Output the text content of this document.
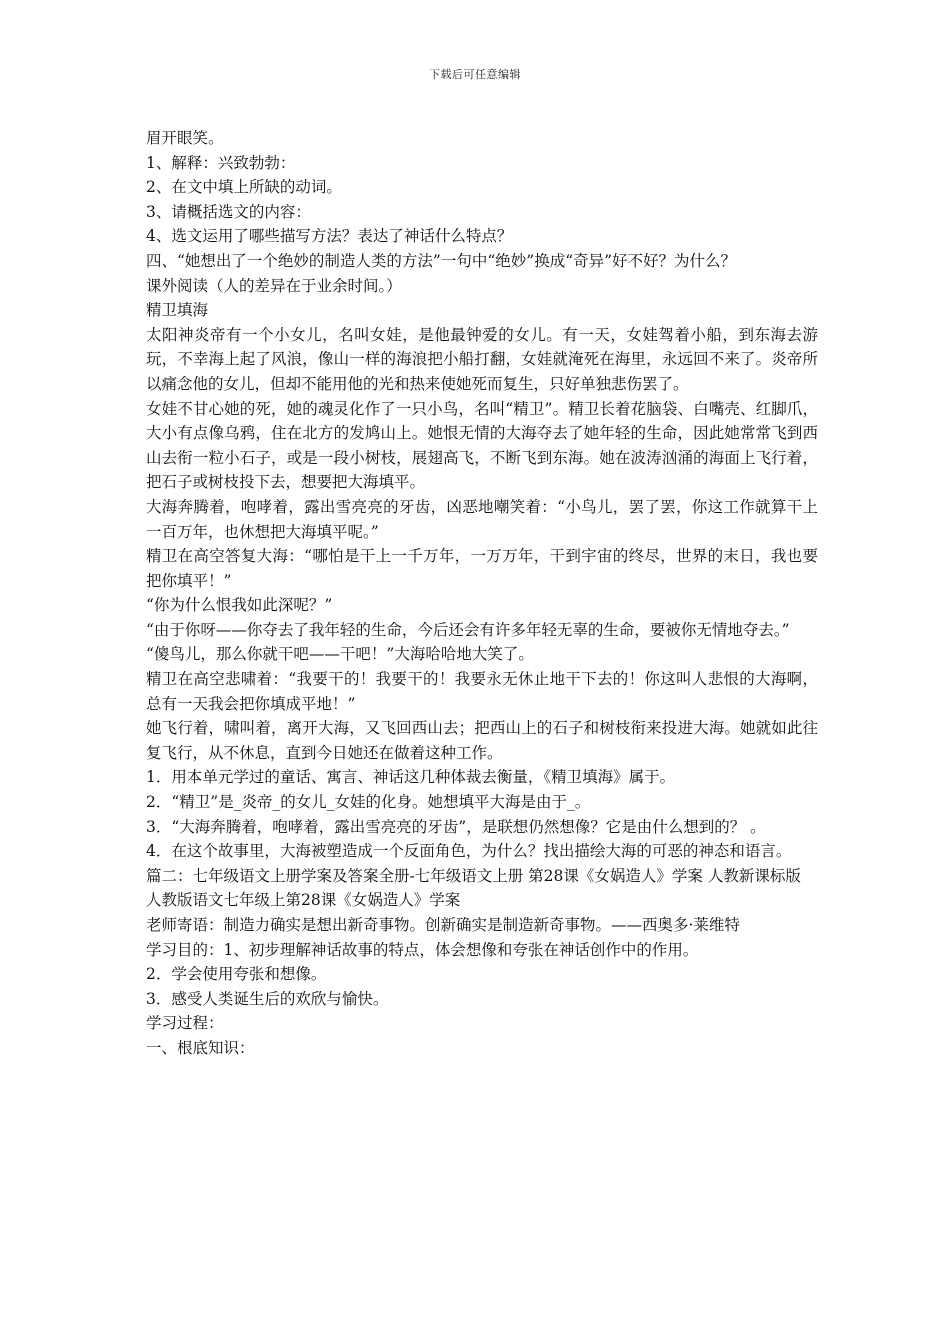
下载后可任意编辑

眉开眼笑。

1、解释：兴致勃勃：

2、在文中填上所缺的动词。

3、请概括选文的内容：

4、选文运用了哪些描写方法？表达了神话什么特点？

四、“她想出了一个绝妙的制造人类的方法”一句中“绝妙”换成“奇异”好不好？为什么？

课外阅读（人的差异在于业余时间。）

精卫填海

太阳神炎帝有一个小女儿，名叫女娃，是他最钟爱的女儿。有一天，女娃驾着小船，到东海去游玩，不幸海上起了风浪，像山一样的海浪把小船打翻，女娃就淹死在海里，永远回不来了。炎帝所以痛念他的女儿，但却不能用他的光和热来使她死而复生，只好单独悲伤罢了。

女娃不甘心她的死，她的魂灵化作了一只小鸟，名叫“精卫”。精卫长着花脑袋、白嘴壳、红脚爪，大小有点像乌鸦，住在北方的发鸠山上。她恨无情的大海夺去了她年轻的生命，因此她常常飞到西山去衔一粒小石子，或是一段小树枝，展翅高飞，不断飞到东海。她在波涛汹涌的海面上飞行着，把石子或树枝投下去，想要把大海填平。

大海奔腾着，咆哮着，露出雪亮亮的牙齿，凶恶地嘲笑着：“小鸟儿，罢了罢，你这工作就算干上一百万年，也休想把大海填平呢。”

精卫在高空答复大海：“哪怕是干上一千万年，一万万年，干到宇宙的终尽，世界的末日，我也要把你填平！”

“你为什么恨我如此深呢？”

“由于你呀——你夺去了我年轻的生命，今后还会有许多年轻无辜的生命，要被你无情地夺去。”

“傻鸟儿，那么你就干吧——干吧！”大海哈哈地大笑了。

精卫在高空悲啸着：“我要干的！我要干的！我要永无休止地干下去的！你这叫人悲恨的大海啊，总有一天我会把你填成平地！”

她飞行着，啸叫着，离开大海，又飞回西山去；把西山上的石子和树枝衔来投进大海。她就如此往复飞行，从不休息，直到今日她还在做着这种工作。

1．用本单元学过的童话、寓言、神话这几种体裁去衡量，《精卫填海》属于。

2．“精卫”是_炎帝_的女儿_女娃的化身。她想填平大海是由于_。

3．“大海奔腾着，咆哮着，露出雪亮亮的牙齿”，是联想仍然想像？它是由什么想到的？ 。

4．在这个故事里，大海被塑造成一个反面角色，为什么？找出描绘大海的可恶的神态和语言。

篇二：七年级语文上册学案及答案全册-七年级语文上册 第28课《女娲造人》学案 人教新课标版

人教版语文七年级上第28课《女娲造人》学案

老师寄语：制造力确实是想出新奇事物。创新确实是制造新奇事物。——西奥多·莱维特

学习目的：1、初步理解神话故事的特点，体会想像和夸张在神话创作中的作用。

2．学会使用夸张和想像。

3．感受人类诞生后的欢欣与愉快。

学习过程：

一、根底知识：
